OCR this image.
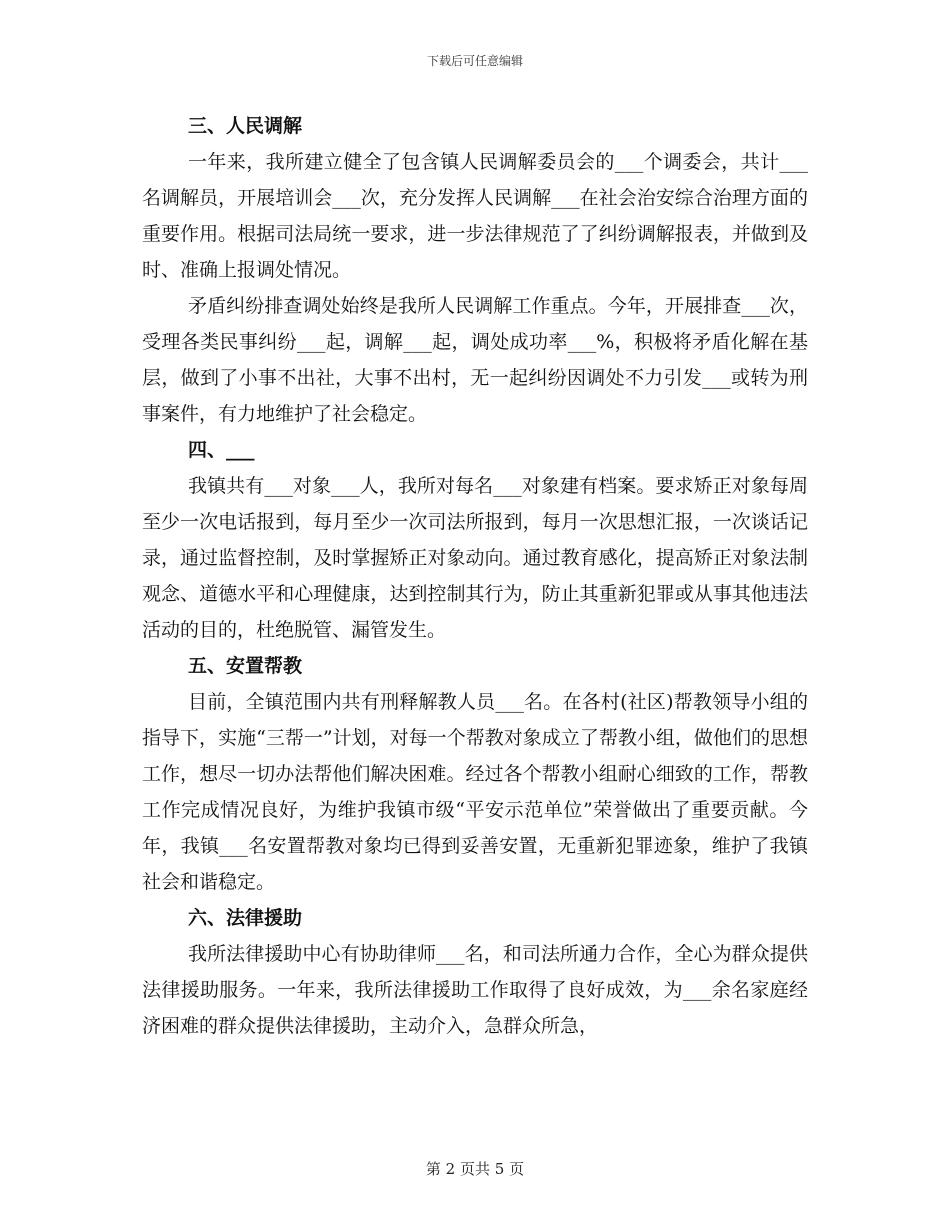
下载后可任意编辑
三、人民调解

一年来，我所建立健全了包含镇人民调解委员会的___个调委会，共计___名调解员，开展培训会___次，充分发挥人民调解___在社会治安综合治理方面的重要作用。根据司法局统一要求，进一步法律规范了了纠纷调解报表，并做到及时、准确上报调处情况。

矛盾纠纷排查调处始终是我所人民调解工作重点。今年，开展排查___次，受理各类民事纠纷___起，调解___起，调处成功率___%，积极将矛盾化解在基层，做到了小事不出社，大事不出村，无一起纠纷因调处不力引发___或转为刑事案件，有力地维护了社会稳定。

四、___

我镇共有___对象___人，我所对每名___对象建有档案。要求矫正对象每周至少一次电话报到，每月至少一次司法所报到，每月一次思想汇报，一次谈话记录，通过监督控制，及时掌握矫正对象动向。通过教育感化，提高矫正对象法制观念、道德水平和心理健康，达到控制其行为，防止其重新犯罪或从事其他违法活动的目的，杜绝脱管、漏管发生。

五、安置帮教

目前，全镇范围内共有刑释解教人员___名。在各村(社区)帮教领导小组的指导下，实施“三帮一”计划，对每一个帮教对象成立了帮教小组，做他们的思想工作，想尽一切办法帮他们解决困难。经过各个帮教小组耐心细致的工作，帮教工作完成情况良好，为维护我镇市级“平安示范单位”荣誉做出了重要贡献。今年，我镇___名安置帮教对象均已得到妥善安置，无重新犯罪迹象，维护了我镇社会和谐稳定。

六、法律援助

我所法律援助中心有协助律师___名，和司法所通力合作，全心为群众提供法律援助服务。一年来，我所法律援助工作取得了良好成效，为___余名家庭经济困难的群众提供法律援助，主动介入，急群众所急，

第 2 页共 5 页
